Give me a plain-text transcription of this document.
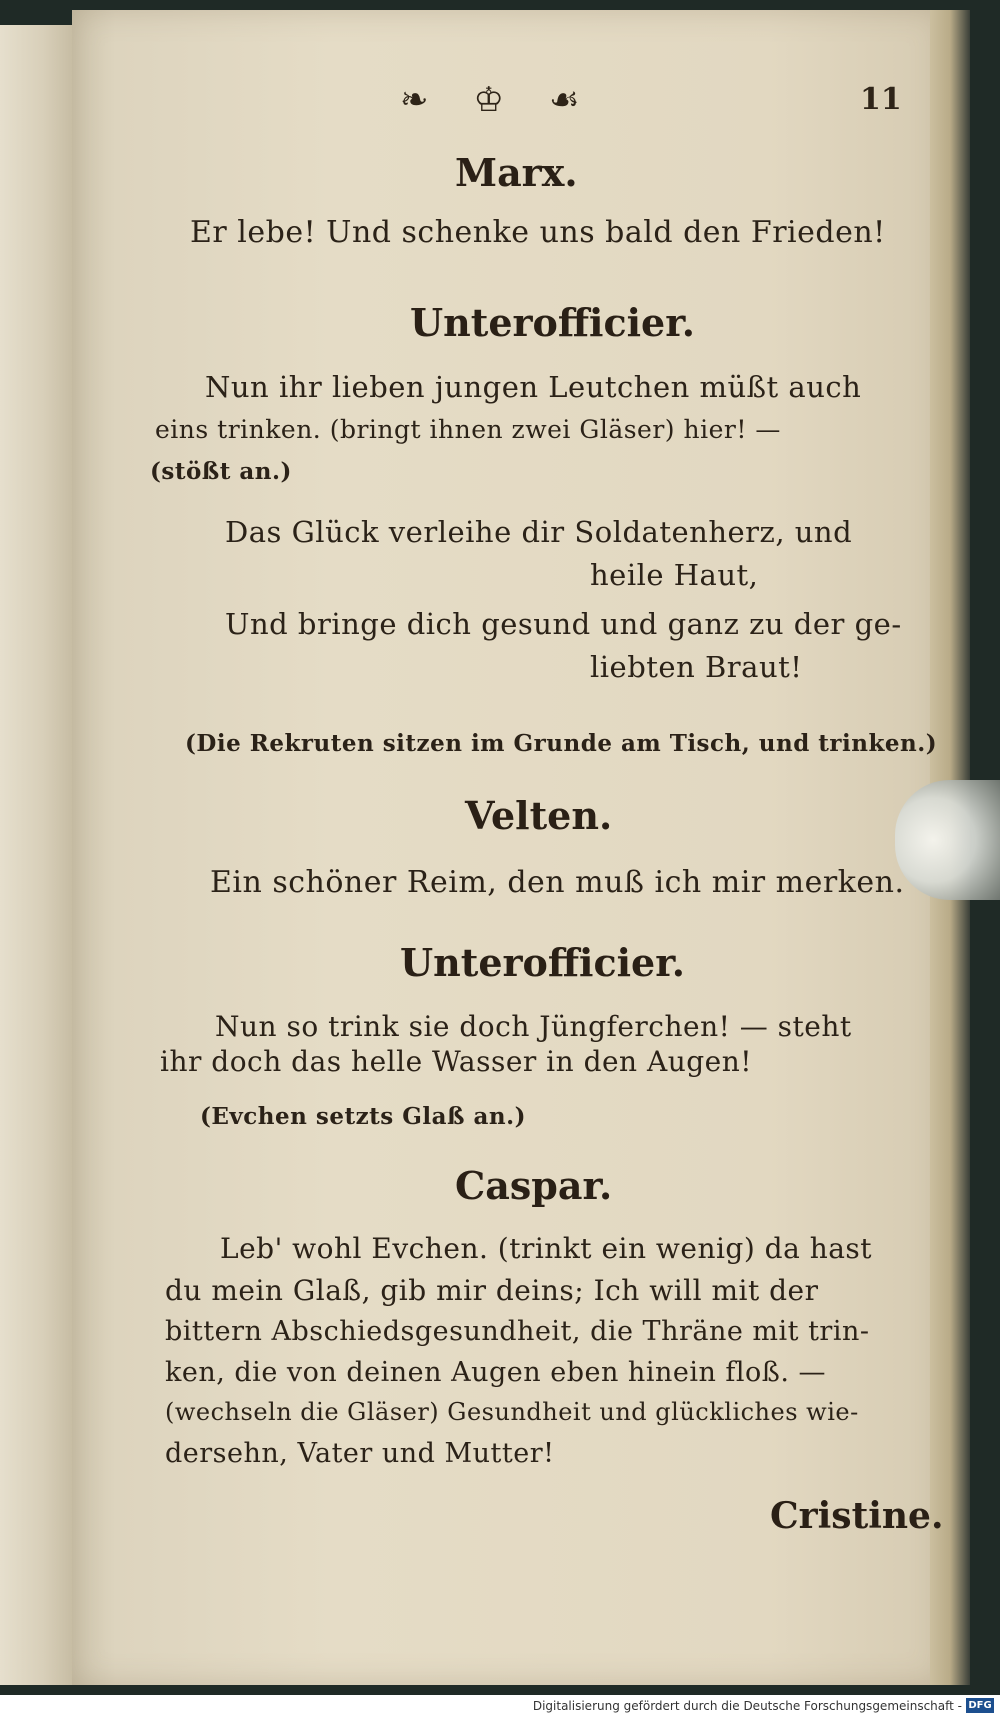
❧ ♔ ☙	11
Marx.
Er lebe! Und schenke uns bald den Frieden!
Unterofficier.
Nun ihr lieben jungen Leutchen müßt auch
eins trinken. (bringt ihnen zwei Gläser) hier! —
(stößt an.)
Das Glück verleihe dir Soldatenherz, und
heile Haut,
Und bringe dich gesund und ganz zu der ge-
liebten Braut!
(Die Rekruten sitzen im Grunde am Tisch, und trinken.)
Velten.
Ein schöner Reim, den muß ich mir merken.
Unterofficier.
Nun so trink sie doch Jüngferchen! — steht
ihr doch das helle Wasser in den Augen!
(Evchen setzts Glaß an.)
Caspar.
Leb' wohl Evchen. (trinkt ein wenig) da hast
du mein Glaß, gib mir deins; Ich will mit der
bittern Abschiedsgesundheit, die Thräne mit trin-
ken, die von deinen Augen eben hinein floß. —
(wechseln die Gläser) Gesundheit und glückliches wie-
dersehn, Vater und Mutter!
Cristine.
Digitalisierung gefördert durch die Deutsche Forschungsgemeinschaft - DFG
